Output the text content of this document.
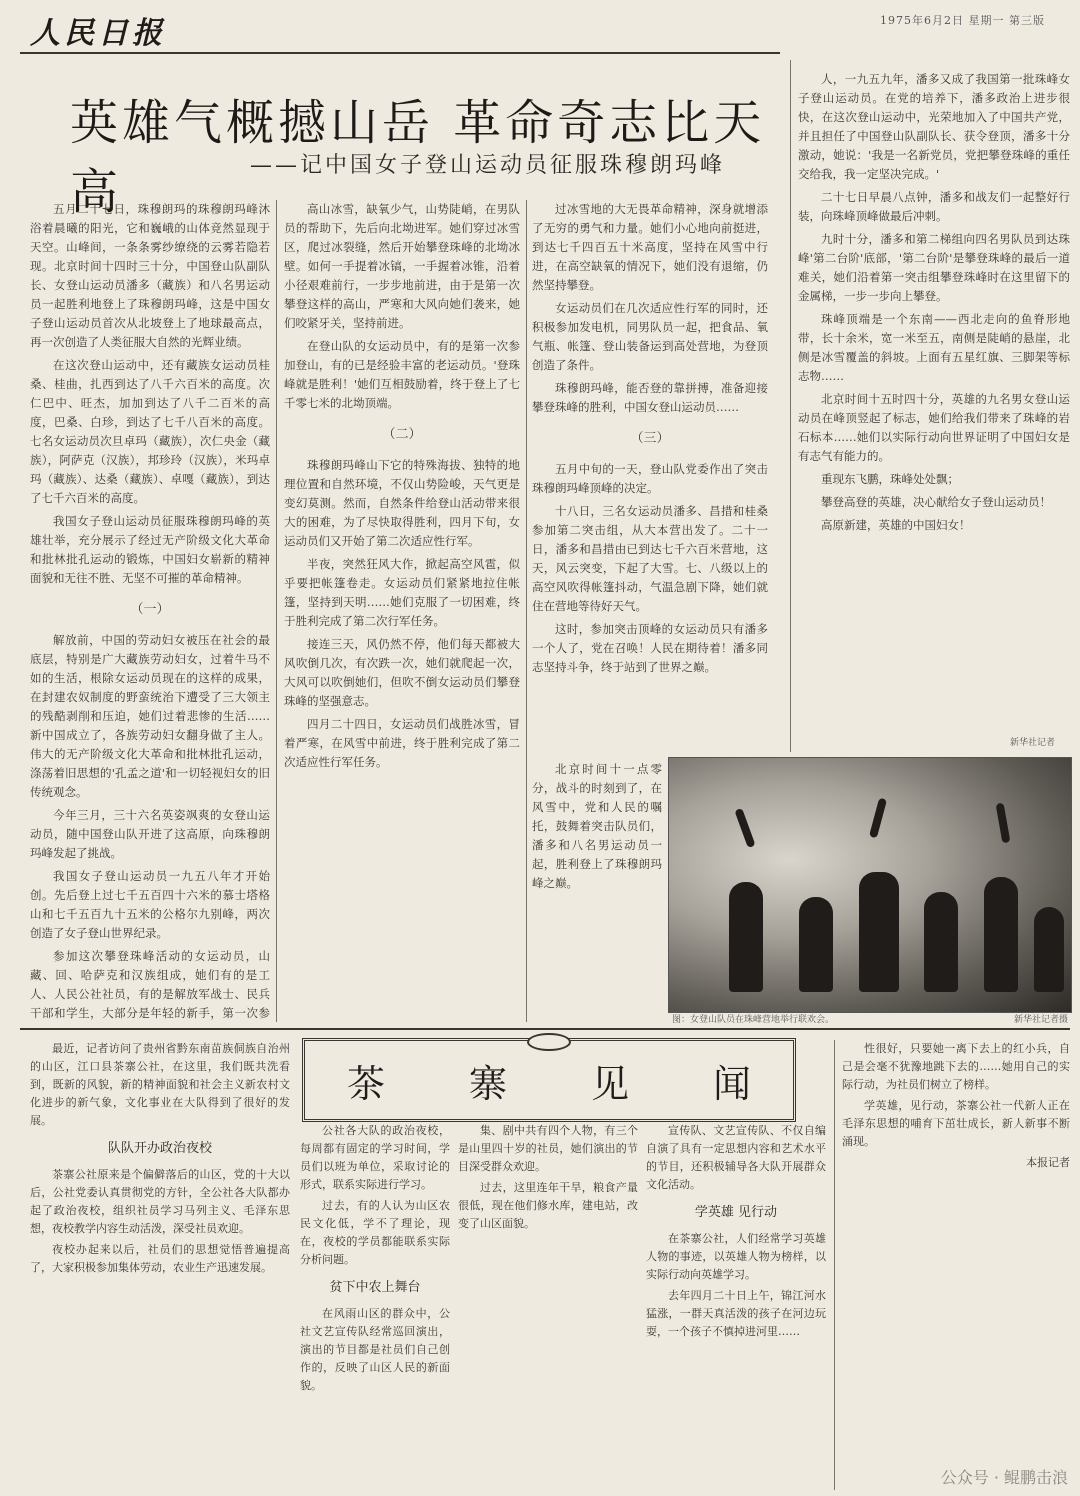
人民日报	1975年6月2日 星期一 第三版
英雄气概撼山岳 革命奇志比天高	——记中国女子登山运动员征服珠穆朗玛峰

五月二十七日，珠穆朗玛的珠穆朗玛峰沐浴着晨曦的阳光，它和巍峨的山体竞然显现于天空。山峰间，一条条雾纱缭绕的云雾若隐若现。北京时间十四时三十分，中国登山队副队长、女登山运动员潘多（藏族）和八名男运动员一起胜利地登上了珠穆朗玛峰，这是中国女子登山运动员首次从北坡登上了地球最高点，再一次创造了人类征服大自然的光辉业绩。

在这次登山运动中，还有藏族女运动员桂桑、桂曲，扎西到达了八千六百米的高度。次仁巴中、旺杰，加加到达了八千二百米的高度，巴桑、白珍，到达了七千八百米的高度。七名女运动员次旦卓玛（藏族），次仁央金（藏族），阿萨克（汉族），邦珍玲（汉族），米玛卓玛（藏族）、达桑（藏族）、卓嘎（藏族），到达了七千六百米的高度。

我国女子登山运动员征服珠穆朗玛峰的英雄壮举，充分展示了经过无产阶级文化大革命和批林批孔运动的锻炼，中国妇女崭新的精神面貌和无往不胜、无坚不可摧的革命精神。

（一）

解放前，中国的劳动妇女被压在社会的最底层，特别是广大藏族劳动妇女，过着牛马不如的生活，根除女运动员现在的这样的成果，在封建农奴制度的野蛮统治下遭受了三大领主的残酷剥削和压迫，她们过着悲惨的生活……新中国成立了，各族劳动妇女翻身做了主人。伟大的无产阶级文化大革命和批林批孔运动，涤荡着旧思想的'孔孟之道'和一切轻视妇女的旧传统观念。

今年三月，三十六名英姿飒爽的女登山运动员，随中国登山队开进了这高原，向珠穆朗玛峰发起了挑战。

我国女子登山运动员一九五八年才开始创。先后登上过七千五百四十六米的慕士塔格山和七千五百九十五米的公格尔九别峰，两次创造了女子登山世界纪录。

参加这次攀登珠峰活动的女运动员，山藏、回、哈萨克和汉族组成，她们有的是工人、人民公社社员，有的是解放军战士、民兵干部和学生，大部分是年轻的新手，第一次参

高山冰雪，缺氧少气，山势陡峭，在男队员的帮助下，先后向北坳进军。她们穿过冰雪区，爬过冰裂缝，然后开始攀登珠峰的北坳冰壁。如何一手提着冰镐，一手握着冰锥，沿着小径艰难前行，一步步地前进，由于是第一次攀登这样的高山，严寒和大风向她们袭来，她们咬紧牙关，坚持前进。

在登山队的女运动员中，有的是第一次参加登山，有的已是经验丰富的老运动员。'登珠峰就是胜利！'她们互相鼓励着，终于登上了七千零七米的北坳顶端。

（二）

珠穆朗玛峰山下它的特殊海拔、独特的地理位置和自然环境，不仅山势险峻，天气更是变幻莫测。然而，自然条件给登山活动带来很大的困难，为了尽快取得胜利，四月下旬，女运动员们又开始了第二次适应性行军。

半夜，突然狂风大作，掀起高空风雹，似乎要把帐篷卷走。女运动员们紧紧地拉住帐篷，坚持到天明……她们克服了一切困难，终于胜利完成了第二次行军任务。

接连三天，风仍然不停，他们每天都被大风吹倒几次，有次跌一次，她们就爬起一次，大风可以吹倒她们，但吹不倒女运动员们攀登珠峰的坚强意志。

四月二十四日，女运动员们战胜冰雪，冒着严寒，在风雪中前进，终于胜利完成了第二次适应性行军任务。

过冰雪地的大无畏革命精神，深身就增添了无穷的勇气和力量。她们小心地向前挺进，到达七千四百五十米高度，坚持在风雪中行进，在高空缺氧的情况下，她们没有退缩，仍然坚持攀登。

女运动员们在几次适应性行军的同时，还积极参加发电机，同男队员一起，把食品、氧气瓶、帐篷、登山装备运到高处营地，为登顶创造了条件。

珠穆朗玛峰，能否登的靠拼搏，准备迎接攀登珠峰的胜利，中国女登山运动员……

（三）

五月中旬的一天，登山队党委作出了突击珠穆朗玛峰顶峰的决定。

十八日，三名女运动员潘多、昌措和桂桑参加第二突击组，从大本营出发了。二十一日，潘多和昌措由已到达七千六百米营地，这天，风云突变，下起了大雪。七、八级以上的高空风吹得帐篷抖动，气温急剧下降，她们就住在营地等待好天气。

这时，参加突击顶峰的女运动员只有潘多一个人了，党在召唤！人民在期待着！潘多同志坚持斗争，终于站到了世界之巅。

北京时间十一点零分，战斗的时刻到了，在风雪中，党和人民的嘱托，鼓舞着突击队员们，潘多和八名男运动员一起，胜利登上了珠穆朗玛峰之巅。

人，一九五九年，潘多又成了我国第一批珠峰女子登山运动员。在党的培养下，潘多政治上进步很快，在这次登山运动中，光荣地加入了中国共产党，并且担任了中国登山队副队长、获令登顶，潘多十分激动，她说：'我是一名新党员，党把攀登珠峰的重任交给我，我一定坚决完成。'

二十七日早晨八点钟，潘多和战友们一起整好行装，向珠峰顶峰做最后冲刺。

九时十分，潘多和第二梯组向四名男队员到达珠峰'第二台阶'底部，'第二台阶'是攀登珠峰的最后一道难关，她们沿着第一突击组攀登珠峰时在这里留下的金属梯，一步一步向上攀登。

珠峰顶端是一个东南——西北走向的鱼脊形地带，长十余米，宽一米至五，南侧是陡峭的悬崖，北侧是冰雪覆盖的斜坡。上面有五星红旗、三脚架等标志物……

北京时间十五时四十分，英雄的九名男女登山运动员在峰顶竖起了标志，她们给我们带来了珠峰的岩石标本……她们以实际行动向世界证明了中国妇女是有志气有能力的。

重现东飞鹏，珠峰处处飘；

攀登高登的英雄，决心献给女子登山运动员！

高原新建，英雄的中国妇女！

新华社记者
图：女登山队员在珠峰营地举行联欢会。	新华社记者摄

最近，记者访问了贵州省黔东南苗族侗族自治州的山区，江口县茶寨公社，在这里，我们既共洗看到，既新的风貌，新的精神面貌和社会主义新农村文化进步的新气象，文化事业在大队得到了很好的发展。

队队开办政治夜校

茶寨公社原来是个偏僻落后的山区，党的十大以后，公社党委认真贯彻党的方针，全公社各大队都办起了政治夜校，组织社员学习马列主义、毛泽东思想，夜校教学内容生动活泼，深受社员欢迎。

夜校办起来以后，社员们的思想觉悟普遍提高了，大家积极参加集体劳动，农业生产迅速发展。

茶 寨 见 闻

公社各大队的政治夜校，每周都有固定的学习时间，学员们以班为单位，采取讨论的形式，联系实际进行学习。

过去，有的人认为山区农民文化低，学不了理论，现在，夜校的学员都能联系实际分析问题。

贫下中农上舞台

在风雨山区的群众中，公社文艺宣传队经常巡回演出，演出的节目都是社员们自己创作的，反映了山区人民的新面貌。

集、剧中共有四个人物，有三个是山里四十岁的社员，她们演出的节目深受群众欢迎。

过去，这里连年干旱，粮食产量很低，现在他们修水库，建电站，改变了山区面貌。

宣传队、文艺宣传队、不仅自编自演了具有一定思想内容和艺术水平的节目，还积极辅导各大队开展群众文化活动。

学英雄 见行动

在茶寨公社，人们经常学习英雄人物的事迹，以英雄人物为榜样，以实际行动向英雄学习。

去年四月二十日上午，锦江河水猛涨，一群天真活泼的孩子在河边玩耍，一个孩子不慎掉进河里……

性很好，只要她一离下去上的红小兵，自己是会毫不犹豫地跳下去的……她用自己的实际行动，为社员们树立了榜样。

学英雄，见行动，茶寨公社一代新人正在毛泽东思想的哺育下茁壮成长，新人新事不断涌现。

本报记者

公众号 · 鲲鹏击浪
